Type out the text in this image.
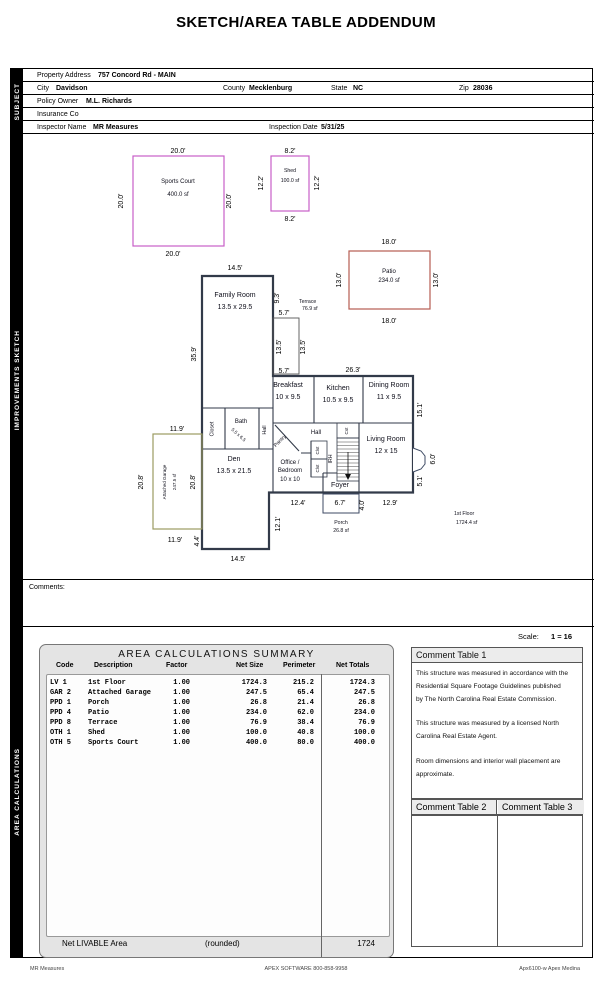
SKETCH/AREA TABLE ADDENDUM
SUBJECT
IMPROVEMENTS SKETCH
AREA CALCULATIONS
Property Address 757 Concord Rd - MAIN
City Davidson	County Mecklenburg	State NC	Zip 28036
Policy Owner M.L. Richards
Insurance Co
Inspector Name MR Measures	Inspection Date 5/31/25
20.0'
20.0'	20.0'
20.0'
Sports Court
400.0 sf
8.2'
Shed
100.0 sf
12.2'	12.2'
8.2'
18.0'
Patio
234.0 sf
13.0'	13.0'
18.0'
14.5'
Family Room
13.5 x 29.5
35.9'
9.3'
5.7'
Terrace
76.9 sf
13.5' 13.5'
5.7'	26.3'
Breakfast
10 x 9.5
Kitchen
10.5 x 9.5
Dining Room
11 x 9.5
15.1'
Closet	Bath
5.5 x 6.5	Hall
Pantry
Hall	Cst
Clst
Clst
IRH
Living Room
12 x 15
6.0'
5.1'
Office /
Bedroom
10 x 10
Den
13.5 x 21.5
11.9'
Attached Garage 247.5 sf
20.8'	20.8'	Foyer
12.4'	6.7' 4.0' 12.9'
Porch
26.8 sf
1st Floor
1724.4 sf
12.1'
4.4'
11.9'
14.5'
Comments:
Scale: 1 = 16
AREA CALCULATIONS SUMMARY
Code	Description	Factor	Net Size	Perimeter	Net Totals

LV 1	1st Floor	1.00	1724.3	215.2	1724.3

GAR 2	Attached Garage	1.00	247.5	65.4	247.5

PPD 1	Porch	1.00	26.8	21.4	26.8

PPD 4	Patio	1.00	234.0	62.0	234.0

PPD 8	Terrace	1.00	76.9	38.4	76.9

OTH 1	Shed	1.00	100.0	40.8	100.0

OTH 5	Sports Court	1.00	400.0	80.0	400.0

Net LIVABLE Area	(rounded)	1724
Comment Table 1
This structure was measured in accordance with the
Residential Square Footage Guidelines published
by The North Carolina Real Estate Commission.
This structure was measured by a licensed North
Carolina Real Estate Agent.
Room dimensions and interior wall placement are
approximate.
Comment Table 2	Comment Table 3
MR Measures	APEX SOFTWARE 800-858-9958	Apx6100-w Apex Medina
